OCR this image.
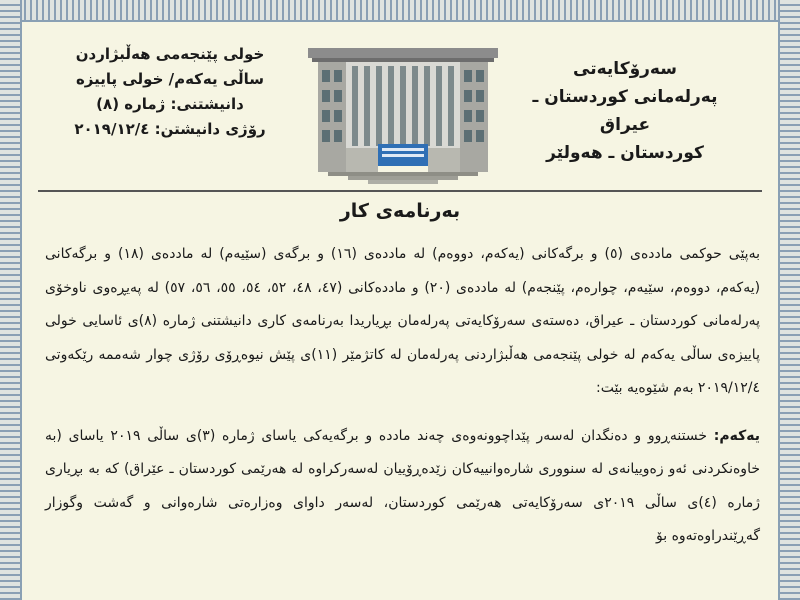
سەرۆکایەتی
پەرلەمانی کوردستان ـ عیراق
کوردستان ـ هەولێر
خولی پێنجەمی هەڵبژاردن
ساڵی یەکەم/ خولی پاییزە
دانیشتنی: ژمارە (٨)
رۆژی دانیشتن: ٢٠١٩/١٢/٤
بەرنامەی کار

بەپێی حوکمی ماددەی (٥) و برگەکانی (یەکەم، دووەم) لە ماددەی (١٦) و برگەی (سێیەم) لە ماددەی (١٨) و برگەکانی (یەکەم، دووەم، سێیەم، چوارەم، پێنجەم) لە ماددەی (٢٠) و ماددەکانی (٤٧، ٤٨، ٥٢، ٥٤، ٥٥، ٥٦، ٥٧) لە پەیڕەوی ناوخۆی پەرلەمانی کوردستان ـ عیراق، دەستەی سەرۆکایەتی پەرلەمان بڕیاریدا بەرنامەی کاری دانیشتنی ژمارە (٨)ی ئاسایی خولی پاییزەی ساڵی یەکەم لە خولی پێنجەمی هەڵبژاردنی پەرلەمان لە کاتژمێر (١١)ی پێش نیوەڕۆی رۆژی چوار شەممە رێکەوتی ٢٠١٩/١٢/٤ بەم شێوەیە بێت:

یەکەم: خستنەڕوو و دەنگدان لەسەر پێداچوونەوەی چەند ماددە و برگەیەکی یاسای ژمارە (٣)ی ساڵی ٢٠١٩ یاسای (بە خاوەنکردنی ئەو زەوییانەی لە سنووری شارەوانییەکان زێدەڕۆییان لەسەرکراوە لە هەرێمی کوردستان ـ عێراق) کە بە بڕیاری ژمارە (٤)ی ساڵی ٢٠١٩ی سەرۆکایەتی هەرێمی کوردستان، لەسەر داوای وەزارەتی شارەوانی و گەشت وگوزار گەڕێندراوەتەوە بۆ
